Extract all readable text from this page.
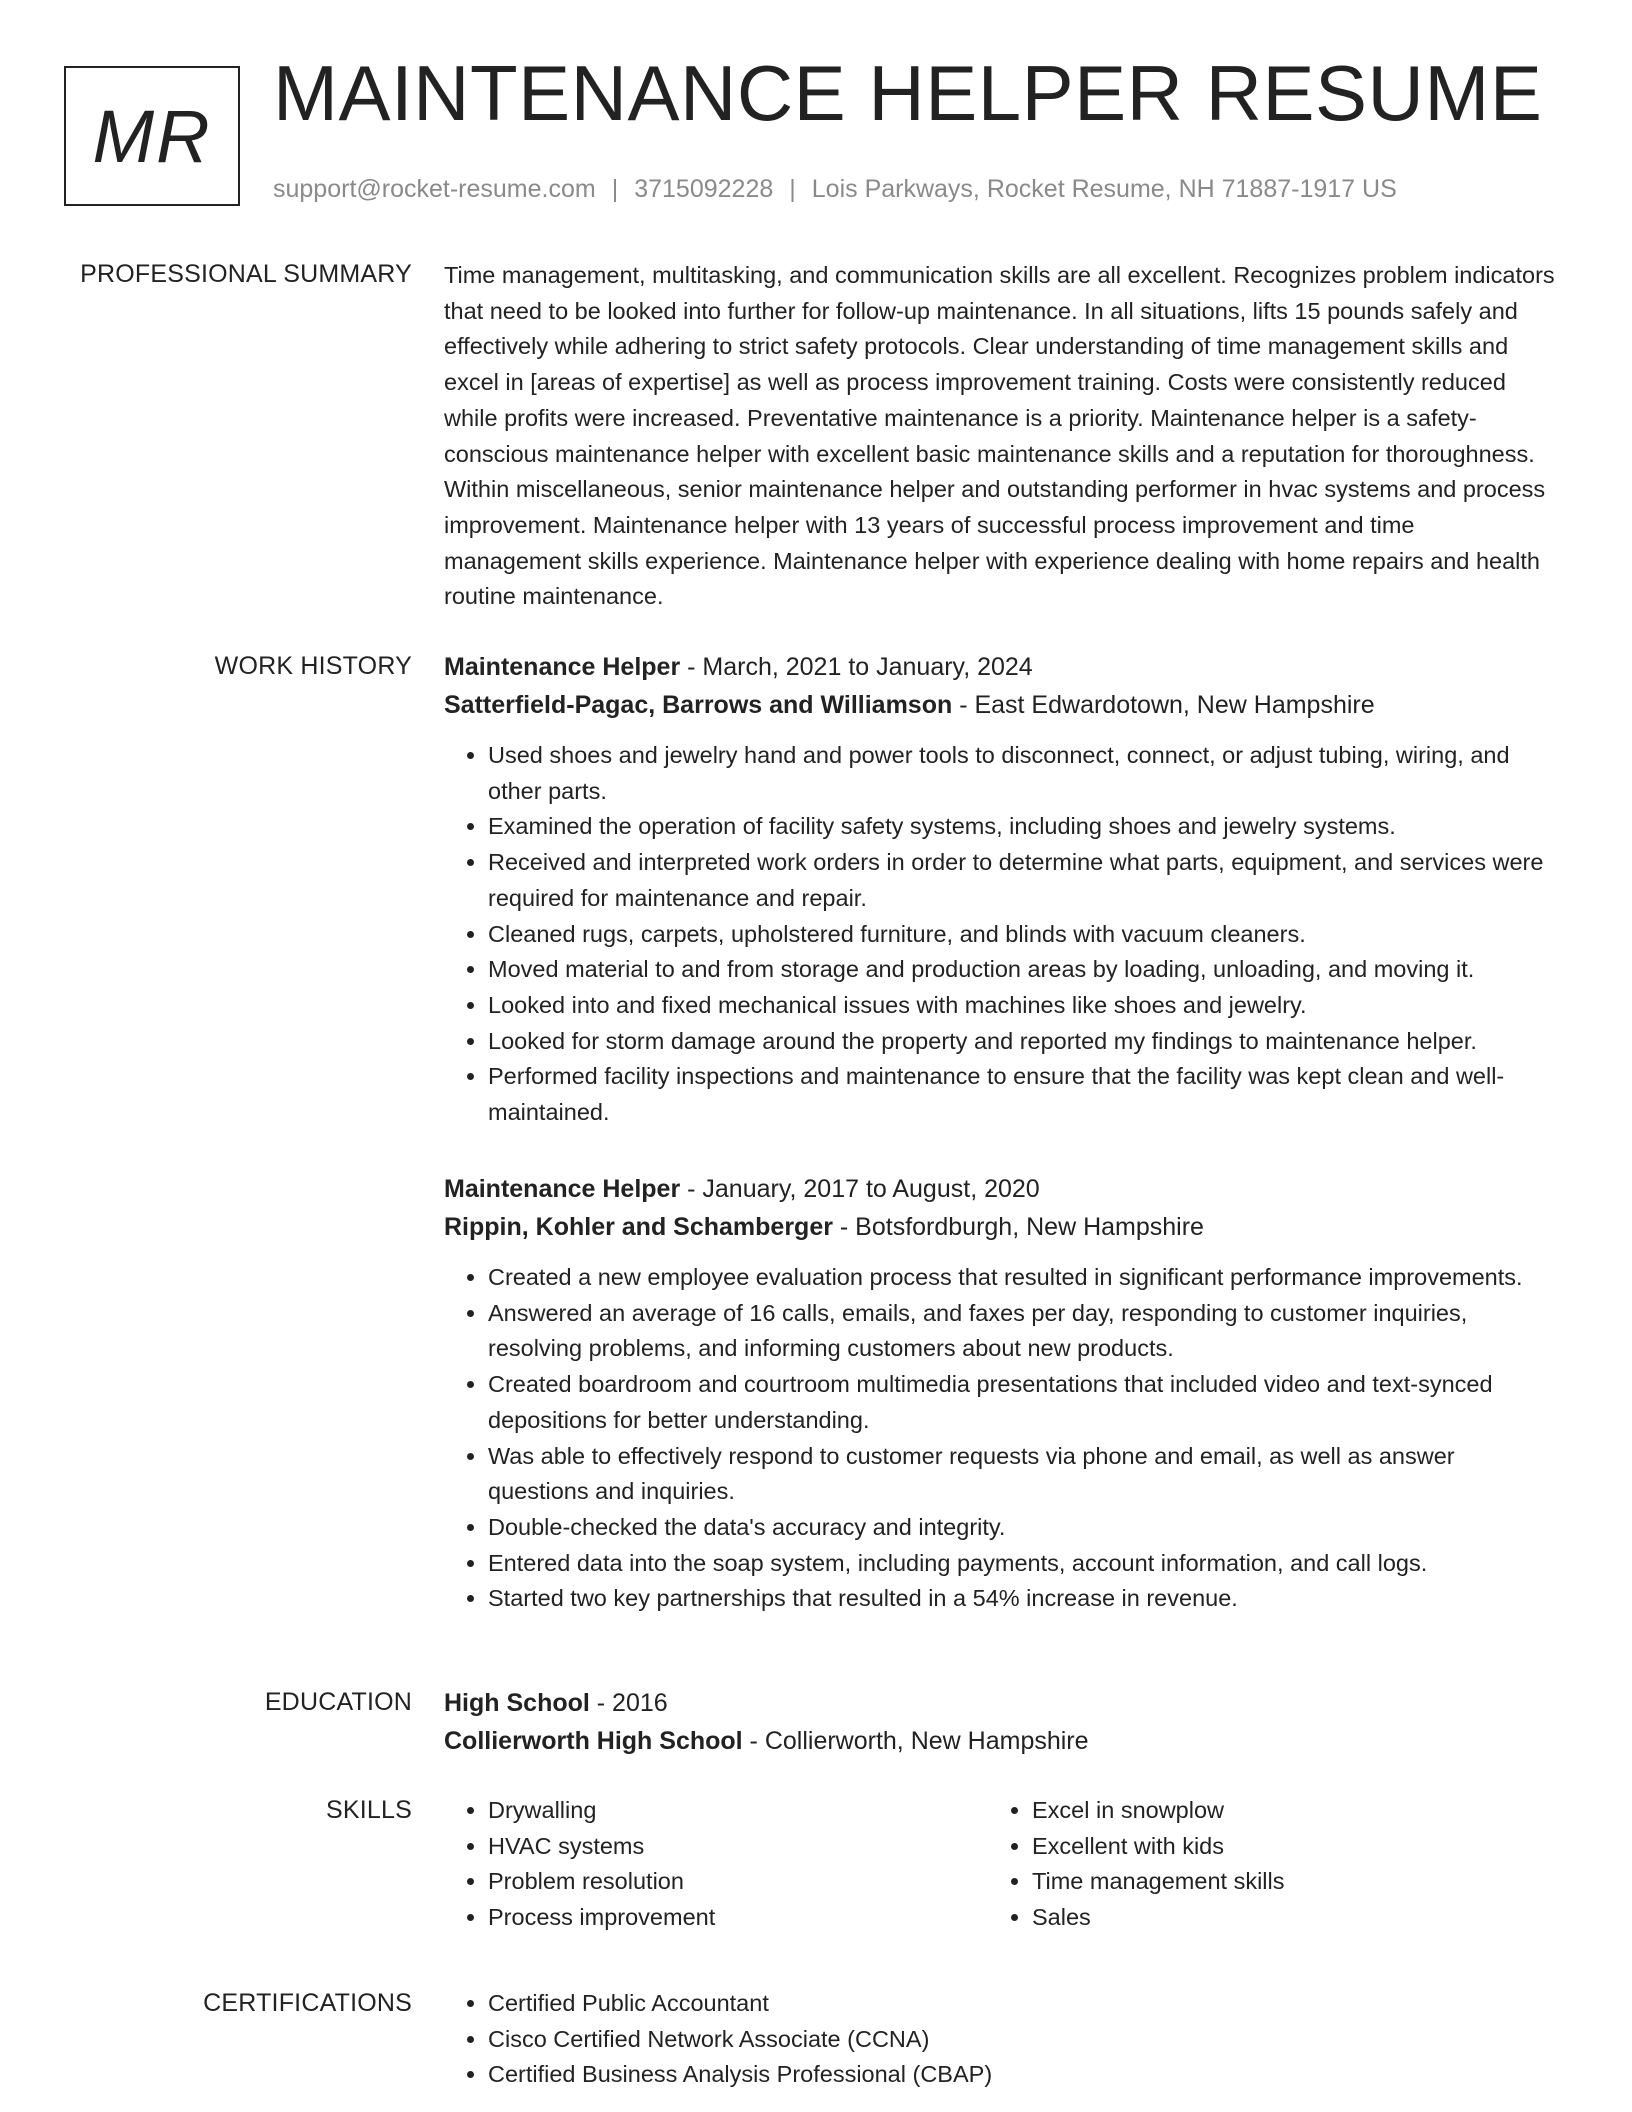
MR MAINTENANCE HELPER RESUME
support@rocket-resume.com | 3715092228 | Lois Parkways, Rocket Resume, NH 71887-1917 US
PROFESSIONAL SUMMARY Time management, multitasking, and communication skills are all excellent. Recognizes problem indicators that need to be looked into further for follow-up maintenance. In all situations, lifts 15 pounds safely and effectively while adhering to strict safety protocols. Clear understanding of time management skills and excel in [areas of expertise] as well as process improvement training. Costs were consistently reduced while profits were increased. Preventative maintenance is a priority. Maintenance helper is a safety-conscious maintenance helper with excellent basic maintenance skills and a reputation for thoroughness. Within miscellaneous, senior maintenance helper and outstanding performer in hvac systems and process improvement. Maintenance helper with 13 years of successful process improvement and time management skills experience. Maintenance helper with experience dealing with home repairs and health routine maintenance.

WORK HISTORY Maintenance Helper - March, 2021 to January, 2024
Satterfield-Pagac, Barrows and Williamson - East Edwardotown, New Hampshire
• Used shoes and jewelry hand and power tools to disconnect, connect, or adjust tubing, wiring, and other parts.
• Examined the operation of facility safety systems, including shoes and jewelry systems.
• Received and interpreted work orders in order to determine what parts, equipment, and services were required for maintenance and repair.
• Cleaned rugs, carpets, upholstered furniture, and blinds with vacuum cleaners.
• Moved material to and from storage and production areas by loading, unloading, and moving it.
• Looked into and fixed mechanical issues with machines like shoes and jewelry.
• Looked for storm damage around the property and reported my findings to maintenance helper.
• Performed facility inspections and maintenance to ensure that the facility was kept clean and well-maintained.
Maintenance Helper - January, 2017 to August, 2020
Rippin, Kohler and Schamberger - Botsfordburgh, New Hampshire
• Created a new employee evaluation process that resulted in significant performance improvements.
• Answered an average of 16 calls, emails, and faxes per day, responding to customer inquiries, resolving problems, and informing customers about new products.
• Created boardroom and courtroom multimedia presentations that included video and text-synced depositions for better understanding.
• Was able to effectively respond to customer requests via phone and email, as well as answer questions and inquiries.
• Double-checked the data's accuracy and integrity.
• Entered data into the soap system, including payments, account information, and call logs.
• Started two key partnerships that resulted in a 54% increase in revenue.
EDUCATION High School - 2016
Collierworth High School - Collierworth, New Hampshire
SKILLS	• Drywalling
• HVAC systems
• Problem resolution
• Process improvement
• Excel in snowplow
• Excellent with kids
• Time management skills
• Sales
CERTIFICATIONS	• Certified Public Accountant
• Cisco Certified Network Associate (CCNA)
• Certified Business Analysis Professional (CBAP)
